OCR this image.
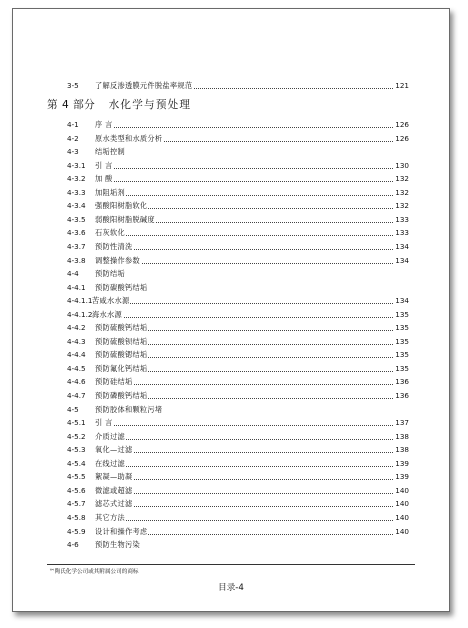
3-5 了解反渗透膜元件脱盐率规范	121
第 4 部分 水化学与预处理
4-1 序 言	126
4-2 原水类型和水质分析	126
4-3 结垢控制
4-3.1 引 言	130
4-3.2 加 酸	132
4-3.3 加阻垢剂	132
4-3.4 强酸阳树脂软化	132
4-3.5 弱酸阳树脂脱碱度	133
4-3.6 石灰软化	133
4-3.7 预防性清洗	134
4-3.8 调整操作参数	134
4-4 预防结垢
4-4.1 预防碳酸钙结垢
4-4.1.1 苦咸水水源	134
4-4.1.2 海水水源	135
4-4.2 预防硫酸钙结垢	135
4-4.3 预防硫酸钡结垢	135
4-4.4 预防硫酸锶结垢	135
4-4.5 预防氟化钙结垢	135
4-4.6 预防硅结垢	136
4-4.7 预防磷酸钙结垢	136
4-5 预防胶体和颗粒污堵
4-5.1 引 言	137
4-5.2 介质过滤	138
4-5.3 氧化—过滤	138
4-5.4 在线过滤	139
4-5.5 絮凝—助凝	139
4-5.6 微滤或超滤	140
4-5.7 滤芯式过滤	140
4-5.8 其它方法	140
4-5.9 设计和操作考虑	140
4-6 预防生物污染
™陶氏化学公司或其附属公司的商标
目录-4
